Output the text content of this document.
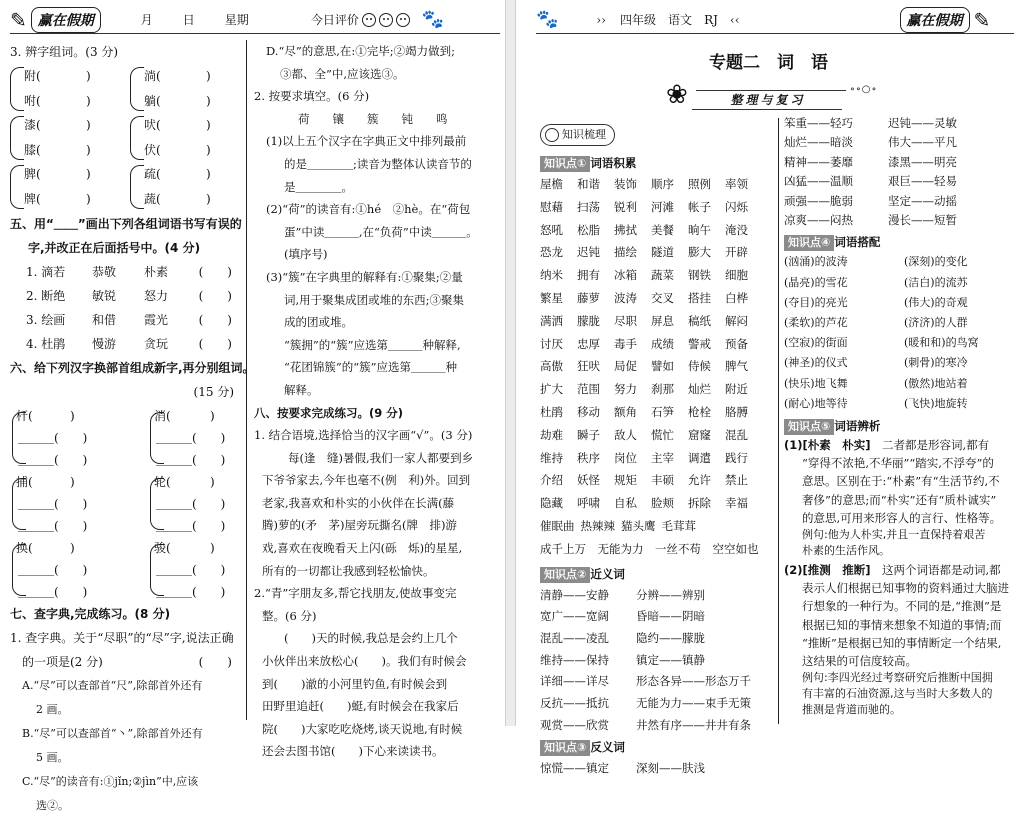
✎ 赢在假期	月	日	星期	今日评价	🐾
3. 辨字组词。(3 分)
附(	)	淌(	)
咐(	)	躺(	)
漆(	)	吠(	)
膝(	)	伏(	)
脾(	)	疏(	)
牌(	)	蔬(	)
五、用“＿＿”画出下列各组词语书写有误的
字,并改正在后面括号中。(4 分)
1. 滴若 恭敬 朴素	(　　)
2. 断绝 敏锐 怒力	(　　)
3. 绘画 和借 霞光	(　　)
4. 杜鹃 慢游 贪玩	(　　)
六、给下列汉字换部首组成新字,再分别组词。
(15 分)
杆(	)
＿＿＿(　　)
＿＿＿(　　)
消(	)
＿＿＿(　　)
＿＿＿(　　)
捕(	)
＿＿＿(　　)
＿＿＿(　　)
轮(	)
＿＿＿(　　)
＿＿＿(　　)
换(	)
＿＿＿(　　)
＿＿＿(　　)
骏(	)
＿＿＿(　　)
＿＿＿(　　)
七、查字典,完成练习。(8 分)
1. 查字典。关于“尽职”的“尽”字,说法正确
的一项是(2 分)	(　　)
A.“尽”可以查部首“尺”,除部首外还有
2 画。
B.“尽”可以查部首“丶”,除部首外还有
5 画。
C.“尽”的读音有:①jǐn;②jìn”中,应该
选②。
D.“尽”的意思,在:①完毕;②竭力做到;
③都、全”中,应该选③。
2. 按要求填空。(6 分)
荷　　镶　　簇　　钝　　鸣
(1)以上五个汉字在字典正文中排列最前
的是＿＿＿＿;读音为整体认读音节的
是＿＿＿＿。
(2)“荷”的读音有:①hé　②hè。在“荷包
蛋”中读＿＿＿,在“负荷”中读＿＿＿。
(填序号)
(3)“簇”在字典里的解释有:①聚集;②量
词,用于聚集成团或堆的东西;③聚集
成的团或堆。
“簇拥”的“簇”应选第＿＿＿种解释,
“花团锦簇”的“簇”应选第＿＿＿种
解释。
八、按要求完成练习。(9 分)
1. 结合语境,选择恰当的汉字画“√”。(3 分)
每(逢　缝)暑假,我们一家人都要到乡
下爷爷家去,今年也毫不(例　利)外。回到
老家,我喜欢和朴实的小伙伴在长满(藤
腾)萝的(矛　茅)屋旁玩撕名(牌　排)游
戏,喜欢在夜晚看天上闪(砾　烁)的星星,
所有的一切都让我感到轻松愉快。
2.“青”字朋友多,帮它找朋友,使故事变完
整。(6 分)
(　　)天的时候,我总是会约上几个
小伙伴出来放松心(　　)。我们有时候会
到(　　)澈的小河里钓鱼,有时候会到
田野里追赶(　　)蜓,有时候会在我家后
院(　　)大家吃吃烧烤,谈天说地,有时候
还会去图书馆(　　)下心来读读书。
🐾	›› 四年级 语文 RJ ‹‹	赢在假期 ✎
专题二　词　语
❀	整理与复习
∘∘○∘
知识梳理
知识点① 词语积累
屋檐	和谐	装饰	顺序	照例	率领
慰藉	扫荡	锐利	河滩	帐子	闪烁
怒吼	松脂	拂拭	美餐	晌午	淹没
恐龙	迟钝	描绘	隧道	膨大	开辟
纳米	拥有	冰箱	蔬菜	钢铁	细胞
繁星	藤萝	波涛	交叉	搭挂	白桦
满洒	朦胧	尽职	屏息	稿纸	解闷
讨厌	忠厚	毒手	成绩	警戒	预备
高傲	狂吠	局促	譬如	侍候	脾气
扩大	范围	努力	刹那	灿烂	附近
杜鹃	移动	额角	石笋	枪栓	胳膊
劫难	瞬子	敌人	慌忙	窟窿	混乱
维持	秩序	岗位	主宰	调遣	践行
介绍	妖怪	规矩	丰硕	允许	禁止
隐藏	呼啸	自私	脸颊	拆除	幸福
催眠曲 热辣辣 猫头鹰 毛茸茸
成千上万　 无能为力　 一丝不苟　 空空如也
知识点② 近义词
清静——安静	分辨——辨别
宽广——宽阔	昏暗——阴暗
混乱——凌乱	隐约——朦胧
维持——保持	镇定——镇静
详细——详尽	形态各异——形态万千
反抗——抵抗	无能为力——束手无策
观赏——欣赏	井然有序——井井有条
知识点③ 反义词
惊慌——镇定	深刻——肤浅
笨重——轻巧	迟钝——灵敏
灿烂——暗淡	伟大——平凡
精神——萎靡	漆黑——明亮
凶猛——温顺	艰巨——轻易
顽强——脆弱	坚定——动摇
凉爽——闷热	漫长——短暂
知识点④ 词语搭配
(汹涌)的波涛	(深刻)的变化
(晶亮)的雪花	(洁白)的流苏
(夺目)的亮光	(伟大)的奇观
(柔软)的芦花	(济济)的人群
(空寂)的街面	(暖和和)的鸟窝
(神圣)的仪式	(刺骨)的寒冷
(快乐)地飞舞	(傲然)地站着
(耐心)地等待	(飞快)地旋转
知识点⑤ 词语辨析
(1)[朴素　朴实]　 二者都是形容词,都有
“穿得不浓艳,不华丽”“踏实,不浮夸”的
意思。区别在于:“朴素”有“生活节约,不
奢侈”的意思;而“朴实”还有“质朴诚实”
的意思,可用来形容人的言行、性格等。
例句:他为人朴实,并且一直保持着艰苦
朴素的生活作风。
(2)[推测　推断]　 这两个词语都是动词,都
表示人们根据已知事物的资料通过大脑进
行想象的一种行为。不同的是,“推测”是
根据已知的事情来想象不知道的事情;而
“推断”是根据已知的事情断定一个结果,
这结果的可信度较高。
例句:李四光经过考察研究后推断中国拥
有丰富的石油资源,这与当时大多数人的
推测是背道而驰的。
